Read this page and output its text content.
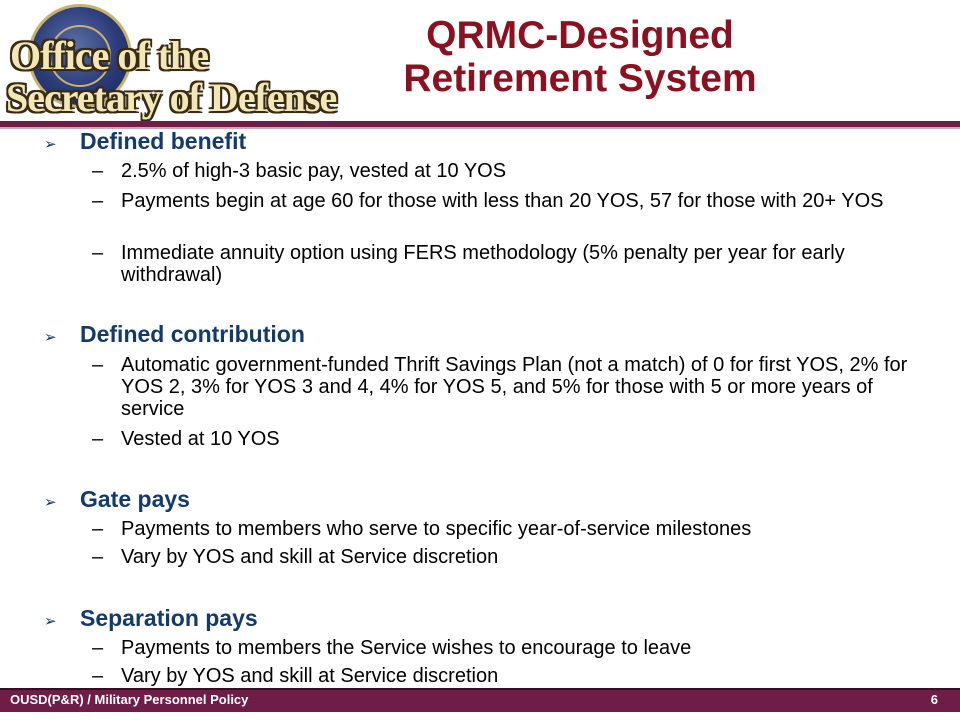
Office of the
Secretary of Defense
QRMC-Designed
Retirement System
➢ Defined benefit
– 2.5% of high-3 basic pay, vested at 10 YOS
– Payments begin at age 60 for those with less than 20 YOS, 57 for those with 20+ YOS
– Immediate annuity option using FERS methodology (5% penalty per year for early withdrawal)
➢ Defined contribution
– Automatic government-funded Thrift Savings Plan (not a match) of 0 for first YOS, 2% for YOS 2, 3% for YOS 3 and 4, 4% for YOS 5, and 5% for those with 5 or more years of service
– Vested at 10 YOS
➢ Gate pays
– Payments to members who serve to specific year-of-service milestones
– Vary by YOS and skill at Service discretion
➢ Separation pays
– Payments to members the Service wishes to encourage to leave
– Vary by YOS and skill at Service discretion
OUSD(P&R) / Military Personnel Policy	6
